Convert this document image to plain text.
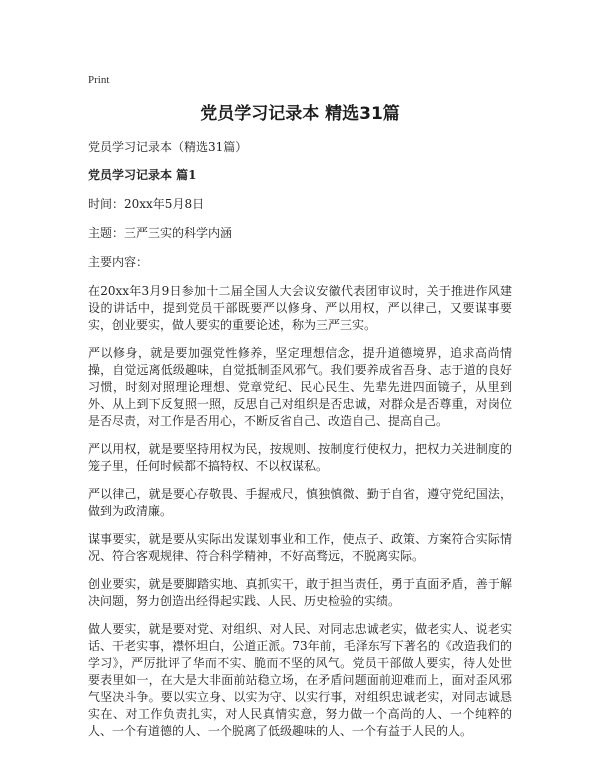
Print
党员学习记录本 精选31篇

党员学习记录本（精选31篇）

党员学习记录本 篇1

时间：20xx年5月8日

主题：三严三实的科学内涵

主要内容：

在20xx年3月9日参加十二届全国人大会议安徽代表团审议时，关于推进作风建设的讲话中，提到党员干部既要严以修身、严以用权，严以律己，又要谋事要实，创业要实，做人要实的重要论述，称为三严三实。

严以修身，就是要加强党性修养，坚定理想信念，提升道德境界，追求高尚情操，自觉远离低级趣味，自觉抵制歪风邪气。我们要养成省吾身、志于道的良好习惯，时刻对照理论理想、党章党纪、民心民生、先辈先进四面镜子，从里到外、从上到下反复照一照，反思自己对组织是否忠诚，对群众是否尊重，对岗位是否尽责，对工作是否用心，不断反省自己、改造自己、提高自己。

严以用权，就是要坚持用权为民，按规则、按制度行使权力，把权力关进制度的笼子里，任何时候都不搞特权、不以权谋私。

严以律己，就是要心存敬畏、手握戒尺，慎独慎微、勤于自省，遵守党纪国法，做到为政清廉。

谋事要实，就是要从实际出发谋划事业和工作，使点子、政策、方案符合实际情况、符合客观规律、符合科学精神，不好高骛远，不脱离实际。

创业要实，就是要脚踏实地、真抓实干，敢于担当责任，勇于直面矛盾，善于解决问题，努力创造出经得起实践、人民、历史检验的实绩。

做人要实，就是要对党、对组织、对人民、对同志忠诚老实，做老实人、说老实话、干老实事，襟怀坦白，公道正派。73年前，毛泽东写下著名的《改造我们的学习》，严厉批评了华而不实、脆而不坚的风气。党员干部做人要实，待人处世要表里如一，在大是大非面前站稳立场，在矛盾问题面前迎难而上，面对歪风邪气坚决斗争。要以实立身、以实为守、以实行事，对组织忠诚老实，对同志诚恳实在、对工作负责扎实，对人民真情实意，努力做一个高尚的人、一个纯粹的人、一个有道德的人、一个脱离了低级趣味的人、一个有益于人民的人。
